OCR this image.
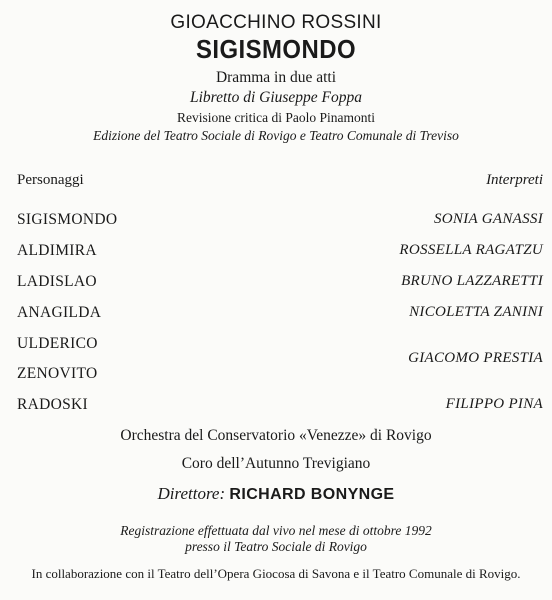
GIOACCHINO ROSSINI
SIGISMONDO
Dramma in due atti
Libretto di Giuseppe Foppa
Revisione critica di Paolo Pinamonti
Edizione del Teatro Sociale di Rovigo e Teatro Comunale di Treviso
Personaggi	Interpreti
SIGISMONDO
ALDIMIRA
LADISLAO
ANAGILDA
ULDERICO
ZENOVITO
RADOSKI
SONIA GANASSI
ROSSELLA RAGATZU
BRUNO LAZZARETTI
NICOLETTA ZANINI
GIACOMO PRESTIA
FILIPPO PINA
Orchestra del Conservatorio «Venezze» di Rovigo
Coro dell’Autunno Trevigiano
Direttore: RICHARD BONYNGE
Registrazione effettuata dal vivo nel mese di ottobre 1992
presso il Teatro Sociale di Rovigo
In collaborazione con il Teatro dell’Opera Giocosa di Savona e il Teatro Comunale di Rovigo.
